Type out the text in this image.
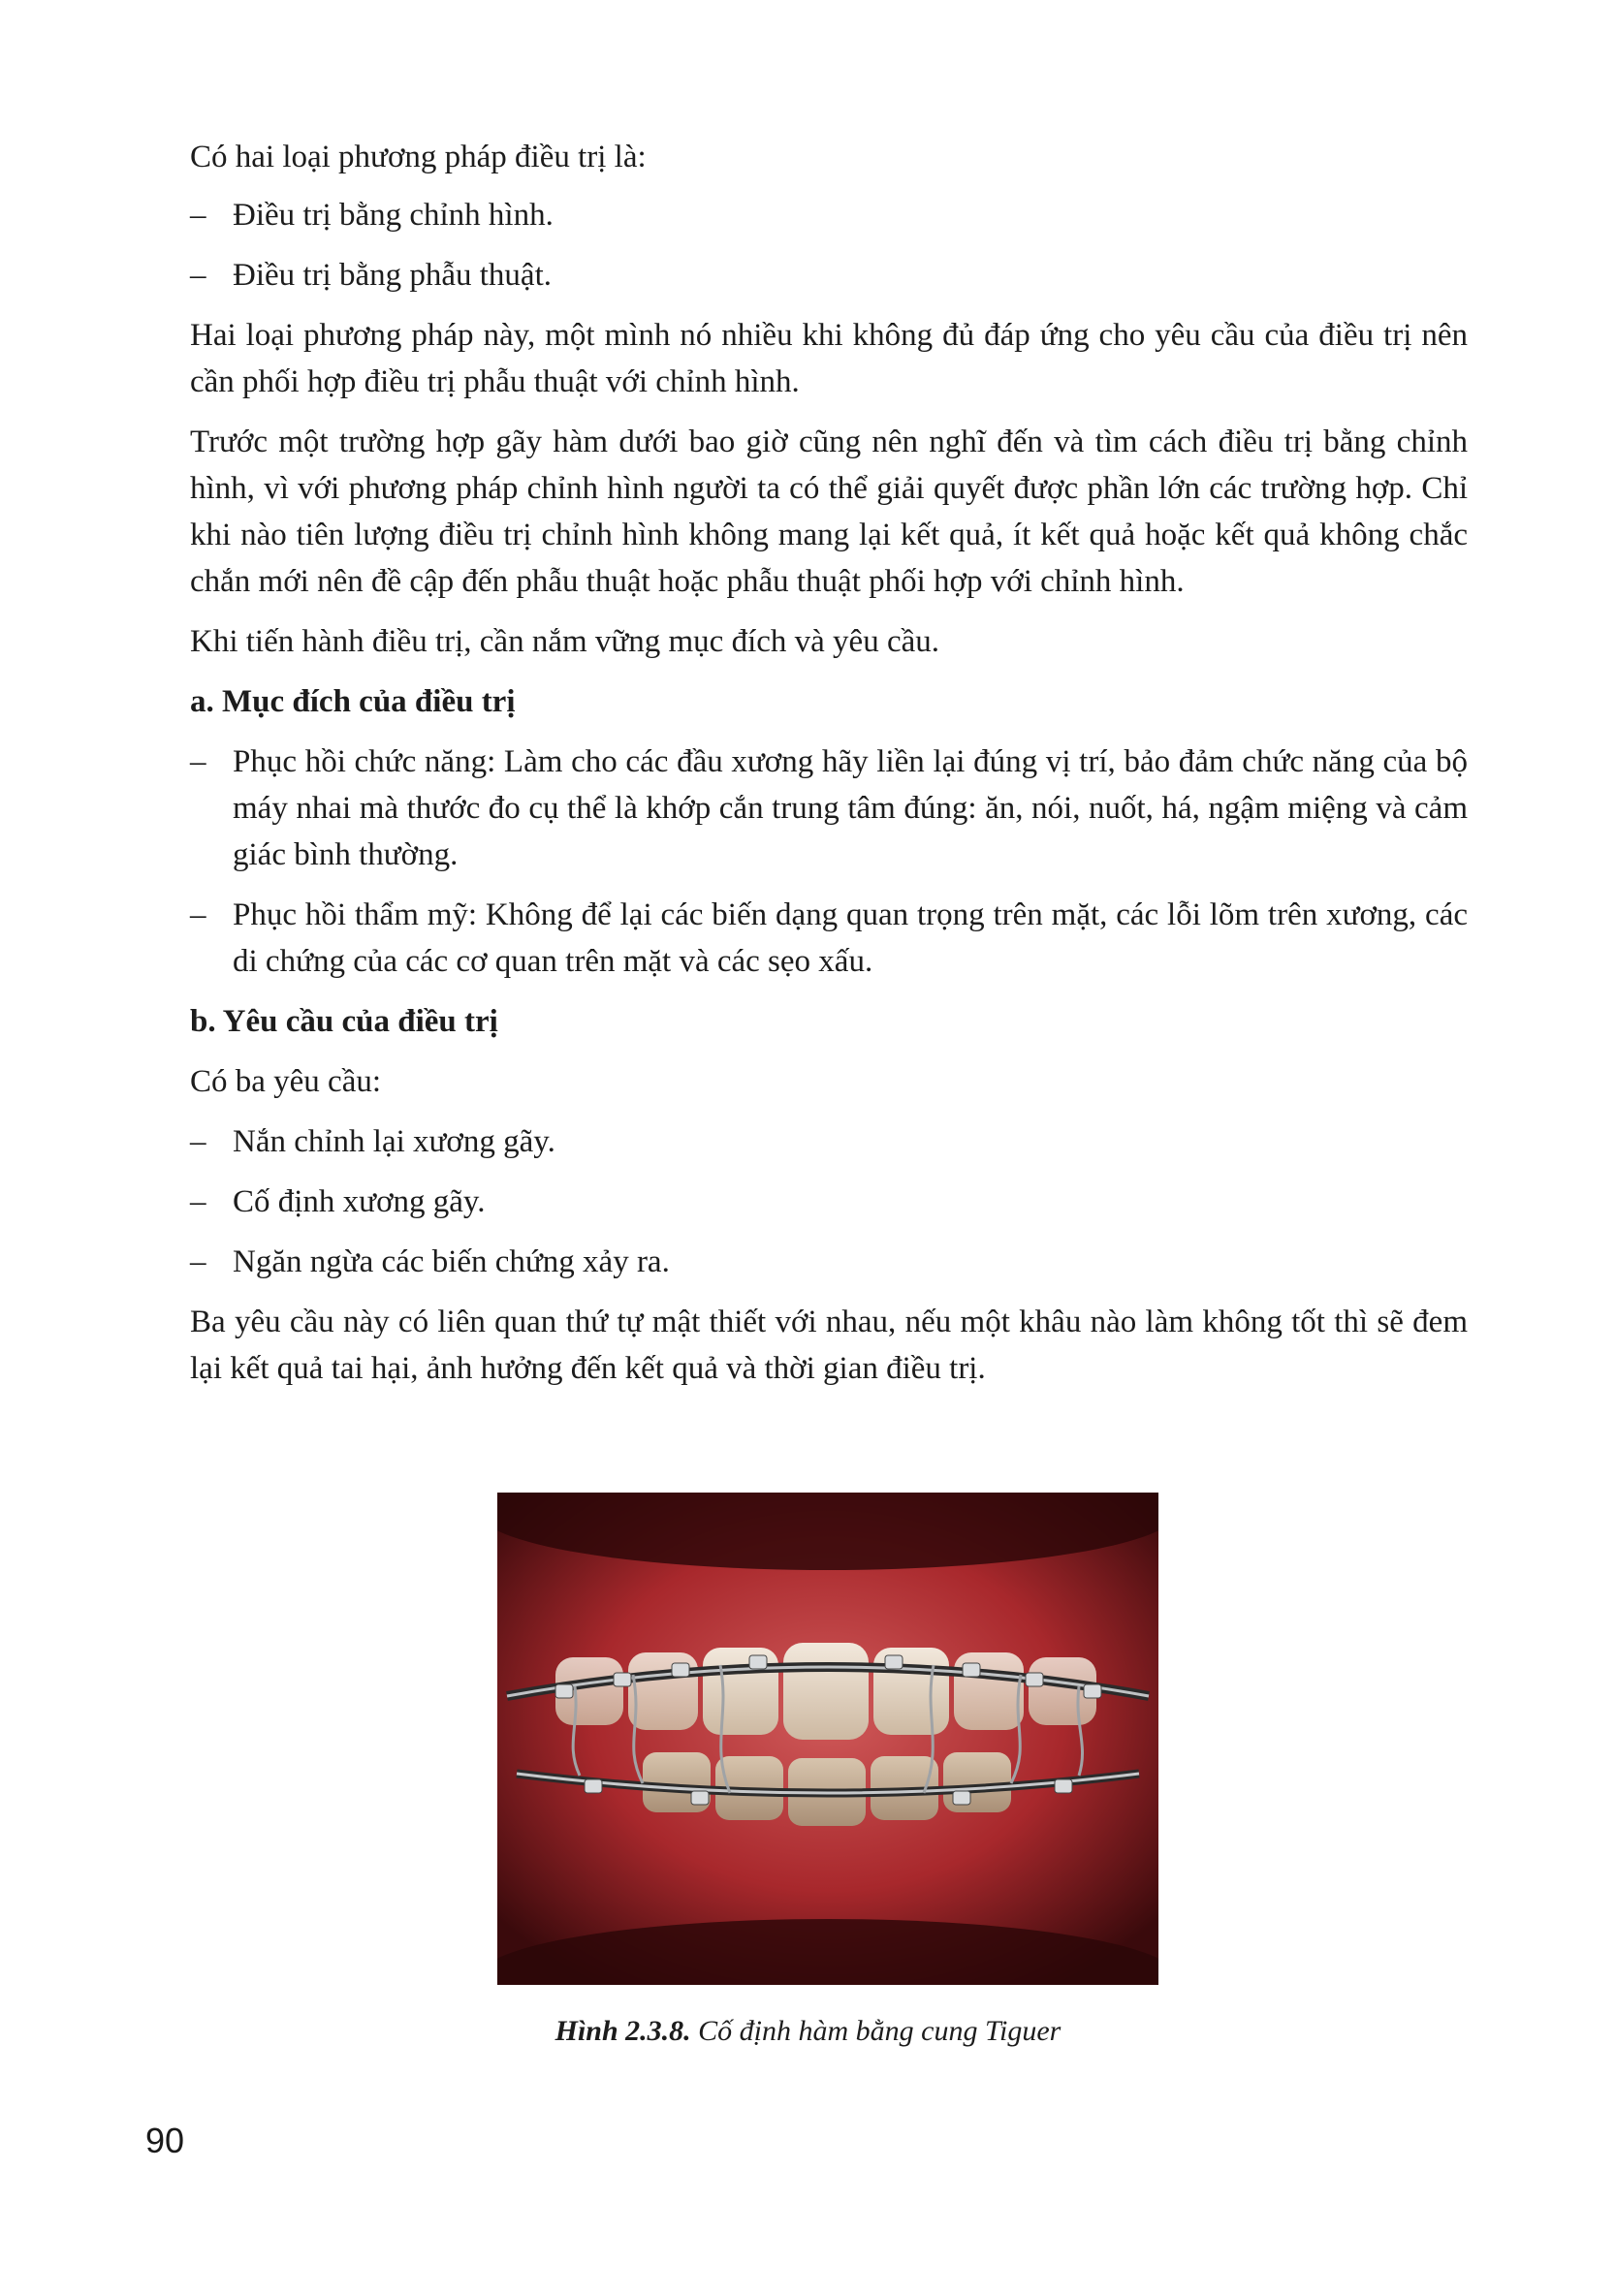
Có hai loại phương pháp điều trị là:

– Điều trị bằng chỉnh hình.
– Điều trị bằng phẫu thuật.

Hai loại phương pháp này, một mình nó nhiều khi không đủ đáp ứng cho yêu cầu của điều trị nên cần phối hợp điều trị phẫu thuật với chỉnh hình.

Trước một trường hợp gãy hàm dưới bao giờ cũng nên nghĩ đến và tìm cách điều trị bằng chỉnh hình, vì với phương pháp chỉnh hình người ta có thể giải quyết được phần lớn các trường hợp. Chỉ khi nào tiên lượng điều trị chỉnh hình không mang lại kết quả, ít kết quả hoặc kết quả không chắc chắn mới nên đề cập đến phẫu thuật hoặc phẫu thuật phối hợp với chỉnh hình.

Khi tiến hành điều trị, cần nắm vững mục đích và yêu cầu.

a. Mục đích của điều trị

– Phục hồi chức năng: Làm cho các đầu xương hãy liền lại đúng vị trí, bảo đảm chức năng của bộ máy nhai mà thước đo cụ thể là khớp cắn trung tâm đúng: ăn, nói, nuốt, há, ngậm miệng và cảm giác bình thường.
– Phục hồi thẩm mỹ: Không để lại các biến dạng quan trọng trên mặt, các lỗi lõm trên xương, các di chứng của các cơ quan trên mặt và các sẹo xấu.

b. Yêu cầu của điều trị

Có ba yêu cầu:

– Nắn chỉnh lại xương gãy.
– Cố định xương gãy.
– Ngăn ngừa các biến chứng xảy ra.

Ba yêu cầu này có liên quan thứ tự mật thiết với nhau, nếu một khâu nào làm không tốt thì sẽ đem lại kết quả tai hại, ảnh hưởng đến kết quả và thời gian điều trị.

Hình 2.3.8. Cố định hàm bằng cung Tiguer
90
